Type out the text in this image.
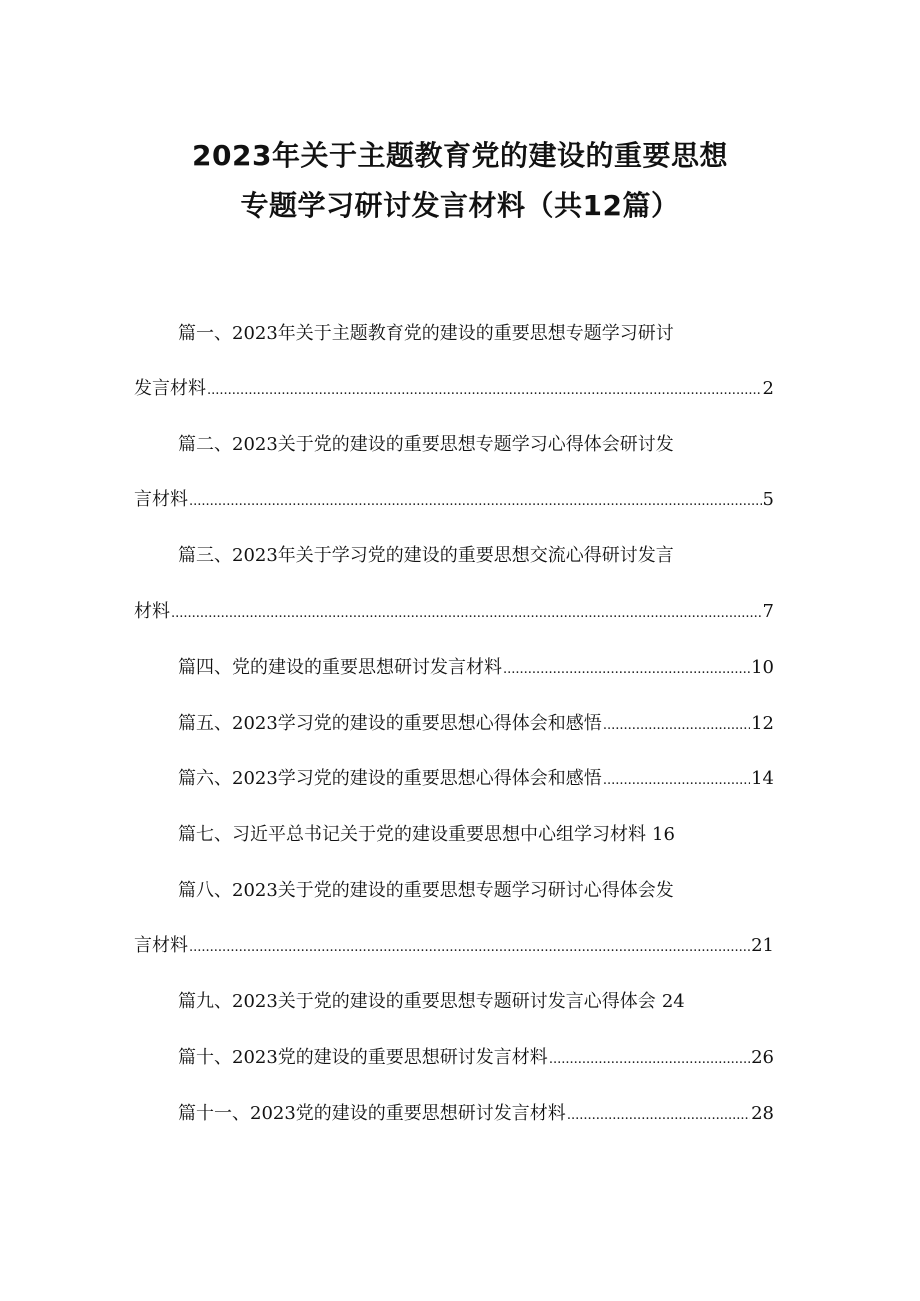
2023年关于主题教育党的建设的重要思想
专题学习研讨发言材料（共12篇）
篇一、2023年关于主题教育党的建设的重要思想专题学习研讨
发言材料 .....	2
篇二、2023关于党的建设的重要思想专题学习心得体会研讨发
言材料 .....	5
篇三、2023年关于学习党的建设的重要思想交流心得研讨发言
材料 .....	7
篇四、党的建设的重要思想研讨发言材料 .....	10
篇五、2023学习党的建设的重要思想心得体会和感悟 .....	12
篇六、2023学习党的建设的重要思想心得体会和感悟 .....	14
篇七、习近平总书记关于党的建设重要思想中心组学习材料 16
篇八、2023关于党的建设的重要思想专题学习研讨心得体会发
言材料 .....	21
篇九、2023关于党的建设的重要思想专题研讨发言心得体会 24
篇十、2023党的建设的重要思想研讨发言材料 .....	26
篇十一、2023党的建设的重要思想研讨发言材料 .....	28
